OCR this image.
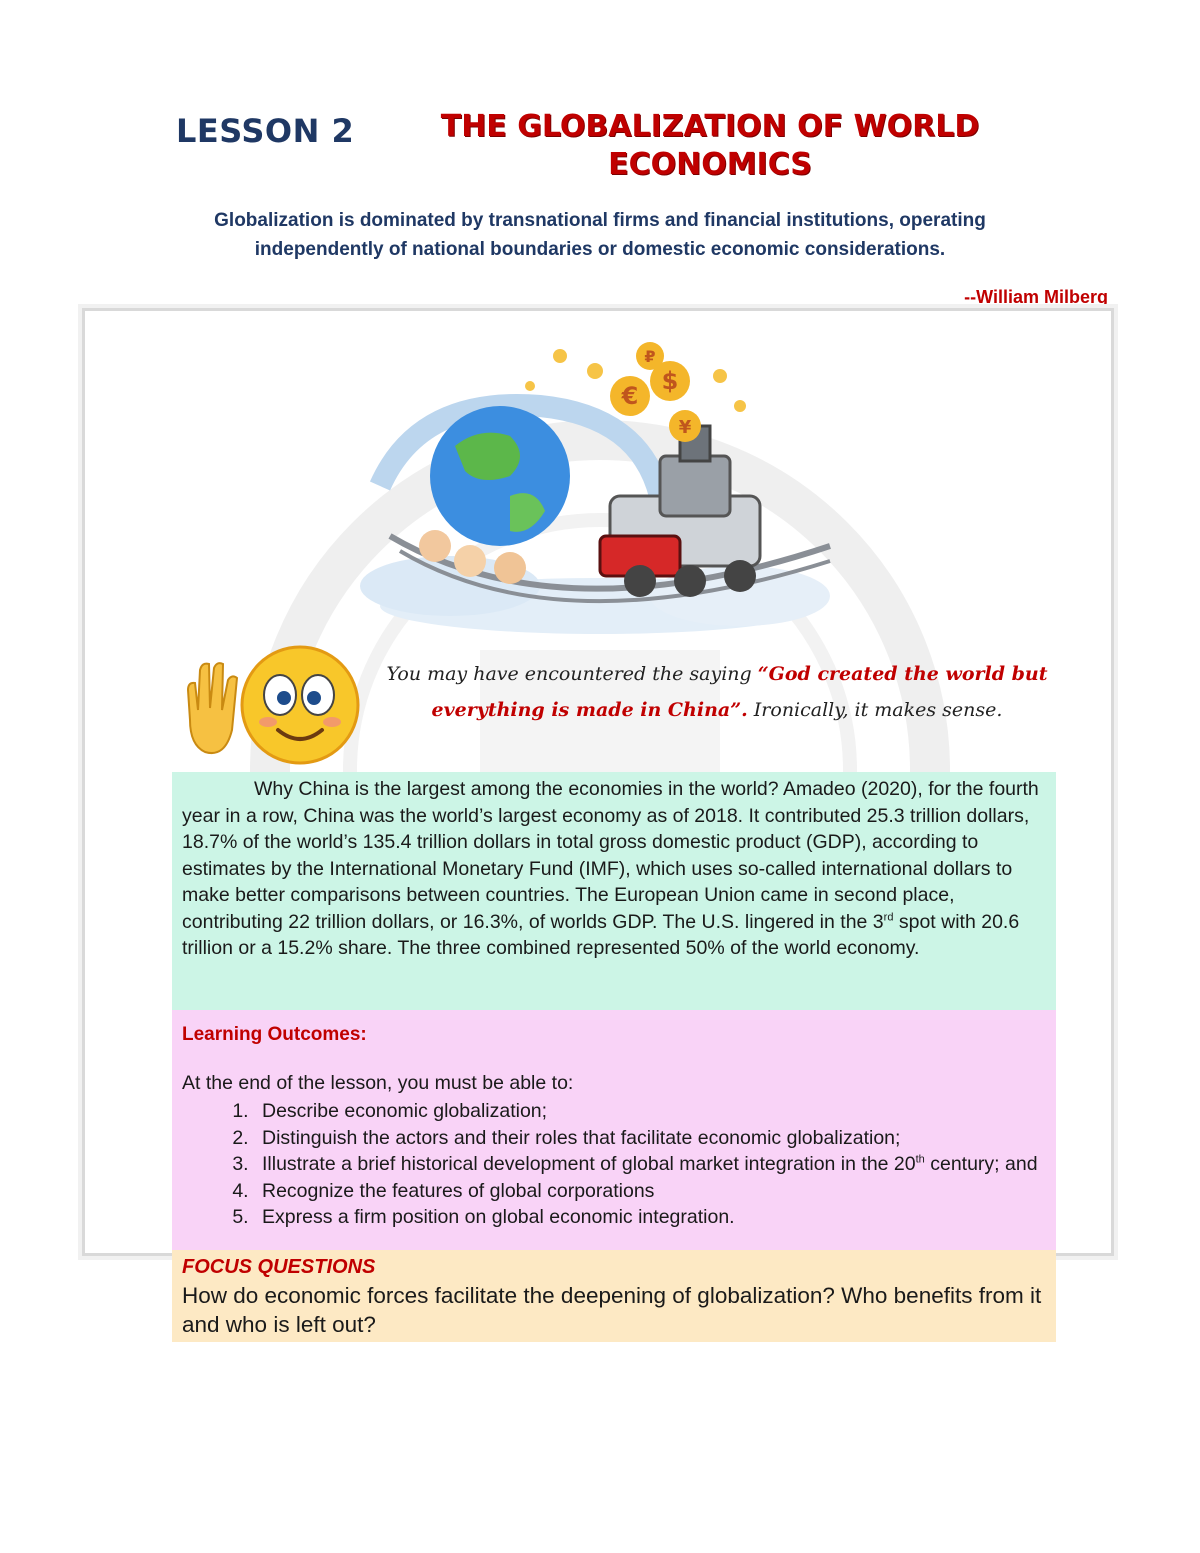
LESSON 2	THE GLOBALIZATION OF WORLD ECONOMICS
Globalization is dominated by transnational firms and financial institutions, operating independently of national boundaries or domestic economic considerations.
--William Milberg
€
$
₽
¥
You may have encountered the saying “God created the world but everything is made in China”. Ironically, it makes sense.

Why China is the largest among the economies in the world? Amadeo (2020), for the fourth year in a row, China was the world’s largest economy as of 2018. It contributed 25.3 trillion dollars, 18.7% of the world’s 135.4 trillion dollars in total gross domestic product (GDP), according to estimates by the International Monetary Fund (IMF), which uses so-called international dollars to make better comparisons between countries. The European Union came in second place, contributing 22 trillion dollars, or 16.3%, of worlds GDP. The U.S. lingered in the 3rd spot with 20.6 trillion or a 15.2% share. The three combined represented 50% of the world economy.

Learning Outcomes:
At the end of the lesson, you must be able to:
1. Describe economic globalization;
2. Distinguish the actors and their roles that facilitate economic globalization;
3. Illustrate a brief historical development of global market integration in the 20th century; and
4. Recognize the features of global corporations
5. Express a firm position on global economic integration.
FOCUS QUESTIONS

How do economic forces facilitate the deepening of globalization? Who benefits from it and who is left out?
